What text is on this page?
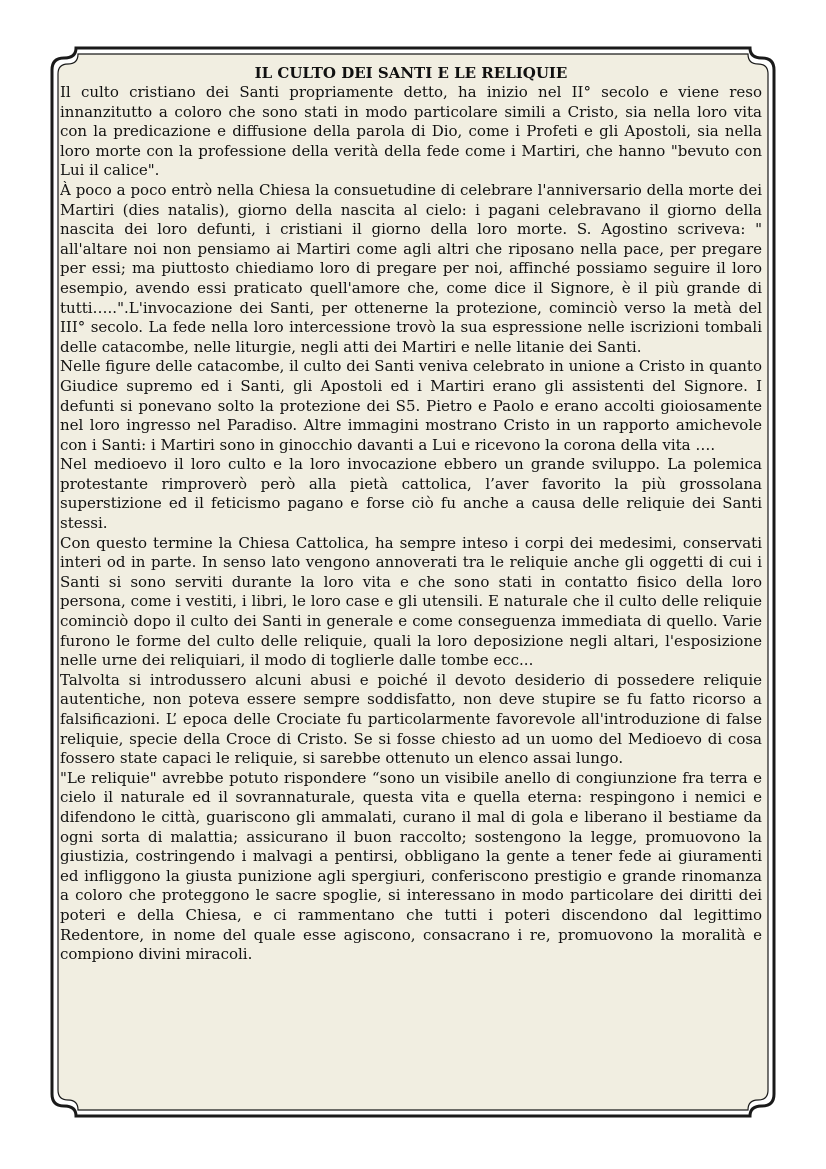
IL CULTO DEI SANTI E LE RELIQUIE

Il culto cristiano dei Santi propriamente detto, ha inizio nel II° secolo e viene reso innanzitutto a coloro che sono stati in modo particolare simili a Cristo, sia nella loro vita con la predicazione e diffusione della parola di Dio, come i Profeti e gli Apostoli, sia nella loro morte con la professione della verità della fede come i Martiri, che hanno "bevuto con Lui il calice".

À poco a poco entrò nella Chiesa la consuetudine di celebrare l'anniversario della morte dei Martiri (dies natalis), giorno della nascita al cielo: i pagani celebravano il giorno della nascita dei loro defunti, i cristiani il giorno della loro morte. S. Agostino scriveva: " all'altare noi non pensiamo ai Martiri come agli altri che riposano nella pace, per pregare per essi; ma piuttosto chiediamo loro di pregare per noi, affinché possiamo seguire il loro esempio, avendo essi praticato quell'amore che, come dice il Signore, è il più grande di tutti…..".L'invocazione dei Santi, per ottenerne la protezione, cominciò verso la metà del III° secolo. La fede nella loro intercessione trovò la sua espressione nelle iscrizioni tombali delle catacombe, nelle liturgie, negli atti dei Martiri e nelle litanie dei Santi.

Nelle figure delle catacombe, il culto dei Santi veniva celebrato in unione a Cristo in quanto Giudice supremo ed i Santi, gli Apostoli ed i Martiri erano gli assistenti del Signore. I defunti si ponevano solto la protezione dei S5. Pietro e Paolo e erano accolti gioiosamente nel loro ingresso nel Paradiso. Altre immagini mostrano Cristo in un rapporto amichevole con i Santi: i Martiri sono in ginocchio davanti a Lui e ricevono la corona della vita ….

Nel medioevo il loro culto e la loro invocazione ebbero un grande sviluppo. La polemica protestante rimproverò però alla pietà cattolica, l’aver favorito la più grossolana superstizione ed il feticismo pagano e forse ciò fu anche a causa delle reliquie dei Santi stessi.

Con questo termine la Chiesa Cattolica, ha sempre inteso i corpi dei medesimi, conservati interi od in parte. In senso lato vengono annoverati tra le reliquie anche gli oggetti di cui i Santi si sono serviti durante la loro vita e che sono stati in contatto fisico della loro persona, come i vestiti, i libri, le loro case e gli utensili. E naturale che il culto delle reliquie cominciò dopo il culto dei Santi in generale e come conseguenza immediata di quello. Varie furono le forme del culto delle reliquie, quali la loro deposizione negli altari, l'esposizione nelle urne dei reliquiari, il modo di toglierle dalle tombe ecc...

Talvolta si introdussero alcuni abusi e poiché il devoto desiderio di possedere reliquie autentiche, non poteva essere sempre soddisfatto, non deve stupire se fu fatto ricorso a falsificazioni. L’ epoca delle Crociate fu particolarmente favorevole all'introduzione di false reliquie, specie della Croce di Cristo. Se si fosse chiesto ad un uomo del Medioevo di cosa fossero state capaci le reliquie, si sarebbe ottenuto un elenco assai lungo.

"Le reliquie" avrebbe potuto rispondere “sono un visibile anello di congiunzione fra terra e cielo il naturale ed il sovrannaturale, questa vita e quella eterna: respingono i nemici e difendono le città, guariscono gli ammalati, curano il mal di gola e liberano il bestiame da ogni sorta di malattia; assicurano il buon raccolto; sostengono la legge, promuovono la giustizia, costringendo i malvagi a pentirsi, obbligano la gente a tener fede ai giuramenti ed infliggono la giusta punizione agli spergiuri, conferiscono prestigio e grande rinomanza a coloro che proteggono le sacre spoglie, si interessano in modo particolare dei diritti dei poteri e della Chiesa, e ci rammentano che tutti i poteri discendono dal legittimo Redentore, in nome del quale esse agiscono, consacrano i re, promuovono la moralità e compiono divini miracoli.
